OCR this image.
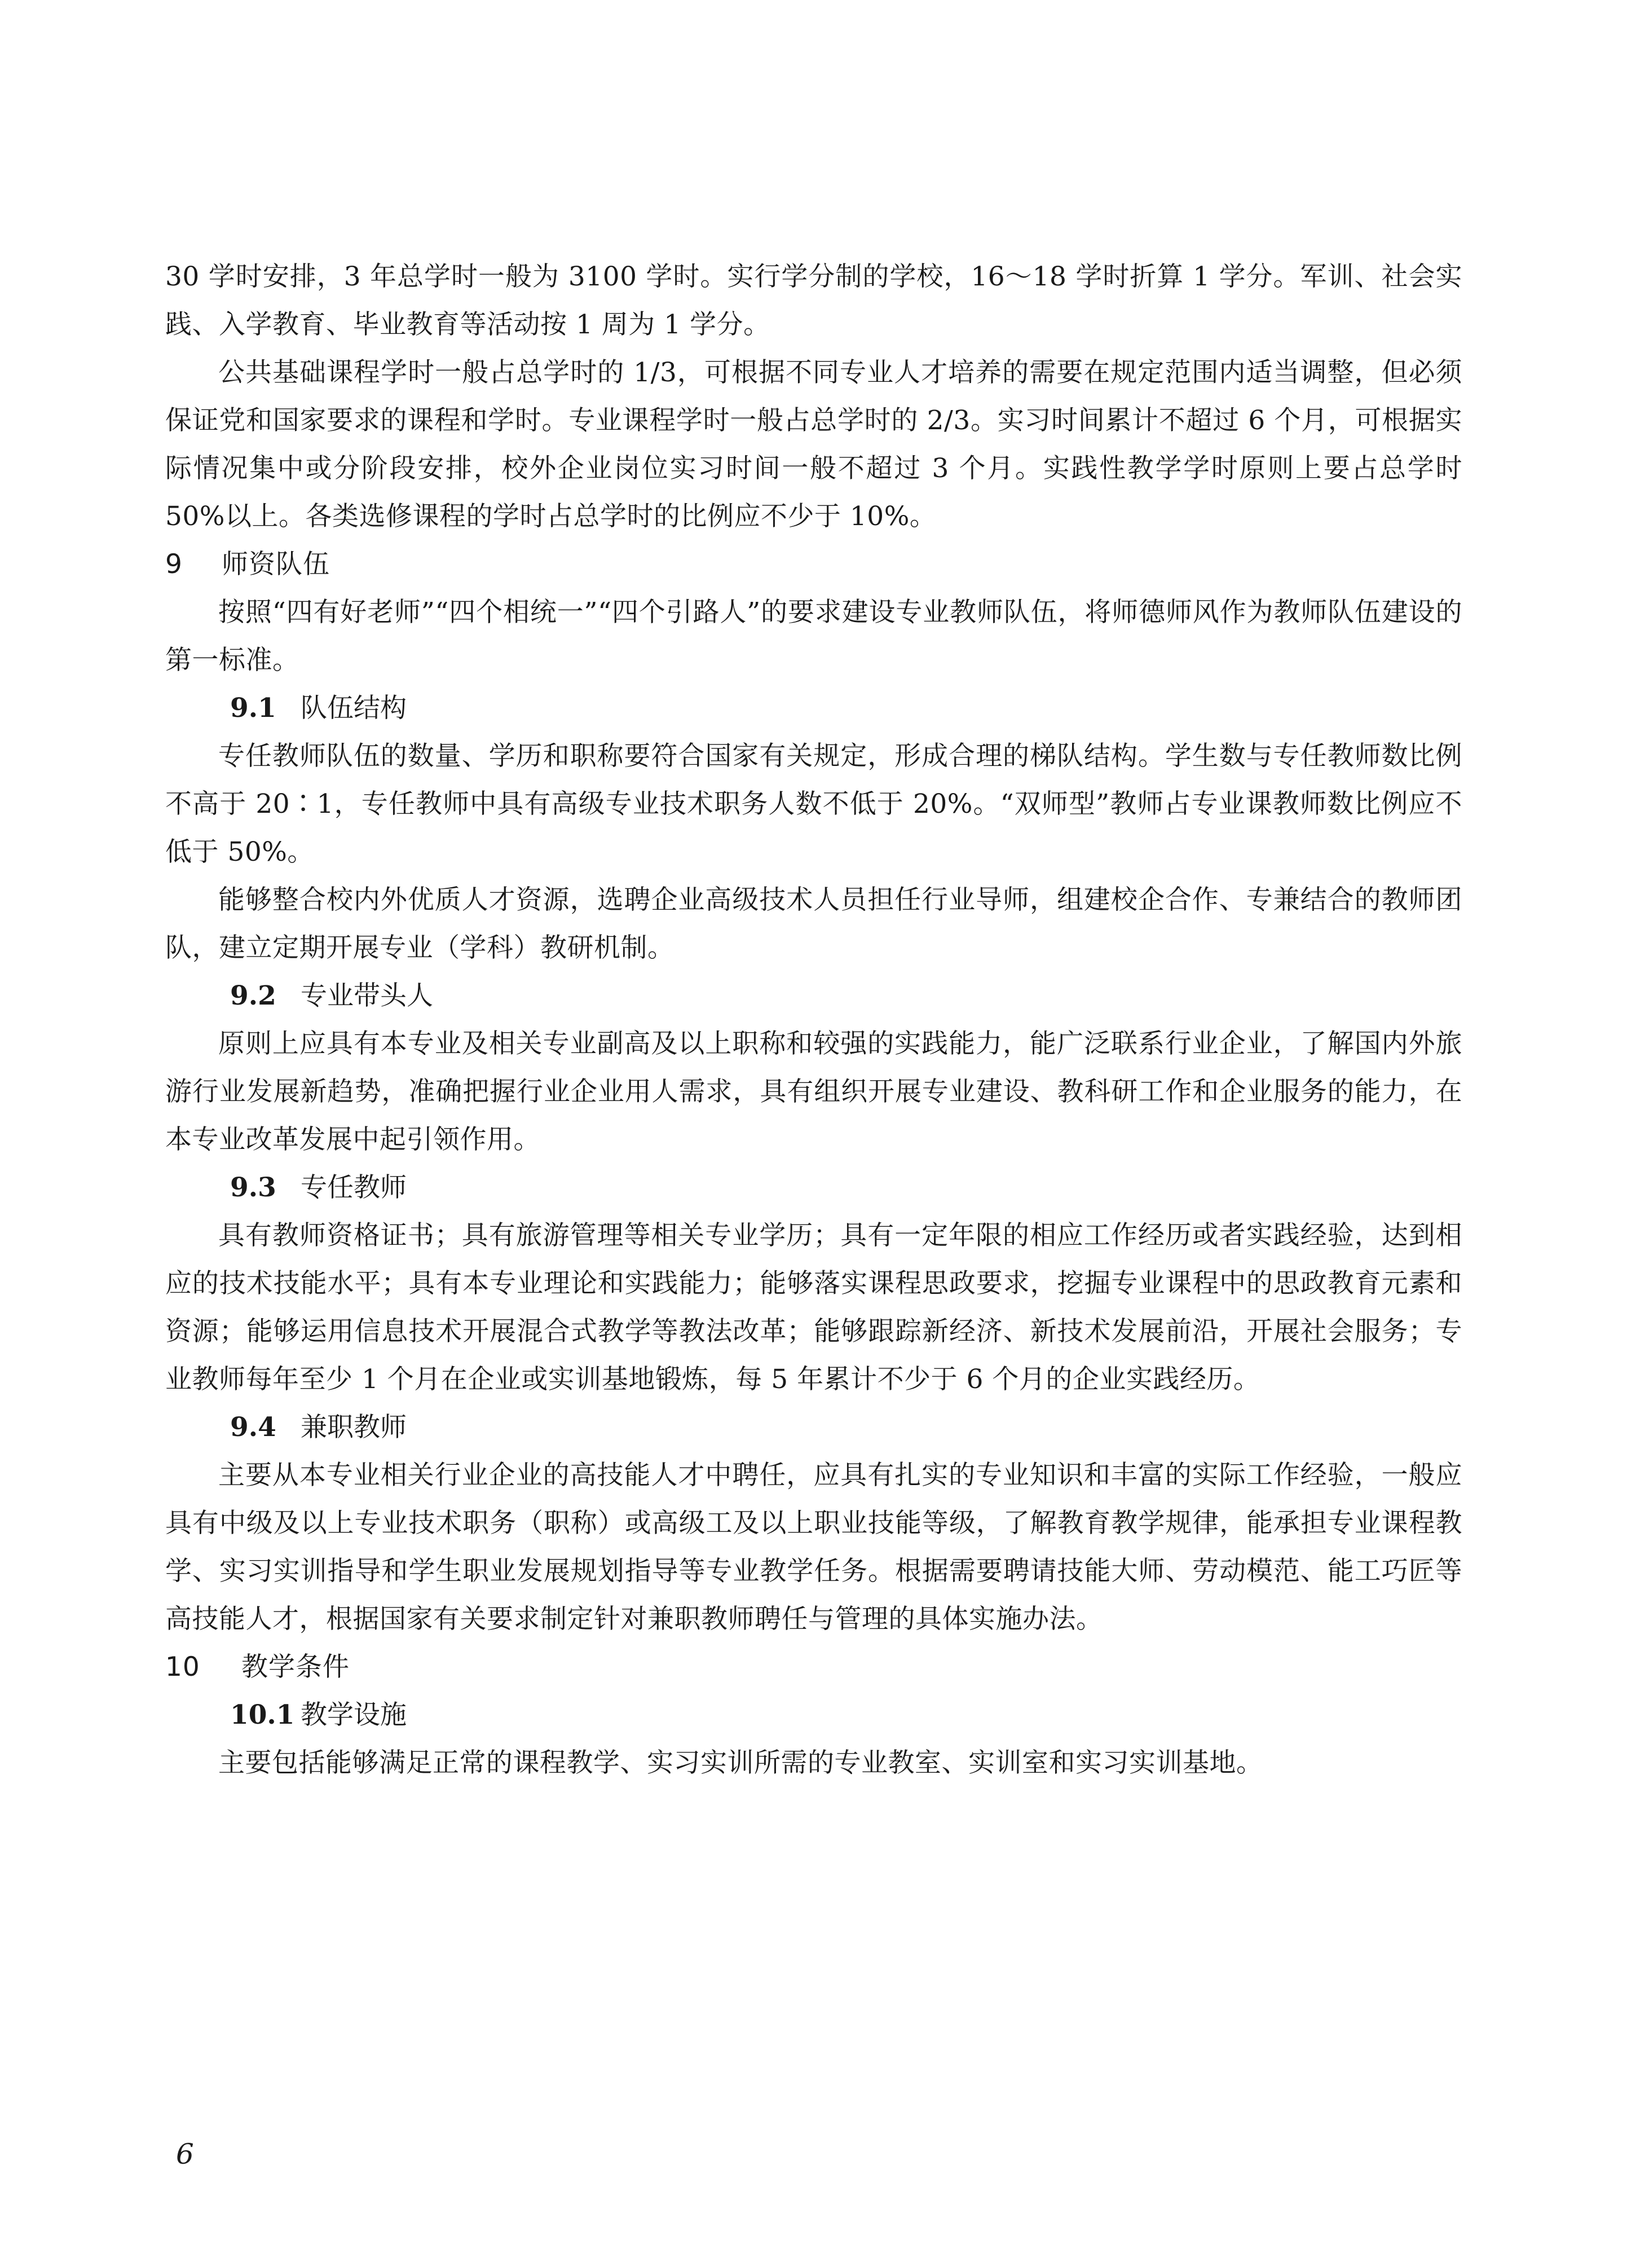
30 学时安排，3 年总学时一般为 3100 学时。实行学分制的学校，16～18 学时折算 1 学分。军训、社会实践、入学教育、毕业教育等活动按 1 周为 1 学分。

公共基础课程学时一般占总学时的 1/3，可根据不同专业人才培养的需要在规定范围内适当调整，但必须保证党和国家要求的课程和学时。专业课程学时一般占总学时的 2/3。实习时间累计不超过 6 个月，可根据实际情况集中或分阶段安排，校外企业岗位实习时间一般不超过 3 个月。实践性教学学时原则上要占总学时 50%以上。各类选修课程的学时占总学时的比例应不少于 10%。

9 师资队伍

按照“四有好老师”“四个相统一”“四个引路人”的要求建设专业教师队伍，将师德师风作为教师队伍建设的第一标准。

9.1 队伍结构

专任教师队伍的数量、学历和职称要符合国家有关规定，形成合理的梯队结构。学生数与专任教师数比例不高于 20∶1，专任教师中具有高级专业技术职务人数不低于 20%。“双师型”教师占专业课教师数比例应不低于 50%。

能够整合校内外优质人才资源，选聘企业高级技术人员担任行业导师，组建校企合作、专兼结合的教师团队，建立定期开展专业（学科）教研机制。

9.2 专业带头人

原则上应具有本专业及相关专业副高及以上职称和较强的实践能力，能广泛联系行业企业，了解国内外旅游行业发展新趋势，准确把握行业企业用人需求，具有组织开展专业建设、教科研工作和企业服务的能力，在本专业改革发展中起引领作用。

9.3 专任教师

具有教师资格证书；具有旅游管理等相关专业学历；具有一定年限的相应工作经历或者实践经验，达到相应的技术技能水平；具有本专业理论和实践能力；能够落实课程思政要求，挖掘专业课程中的思政教育元素和资源；能够运用信息技术开展混合式教学等教法改革；能够跟踪新经济、新技术发展前沿，开展社会服务；专业教师每年至少 1 个月在企业或实训基地锻炼，每 5 年累计不少于 6 个月的企业实践经历。

9.4 兼职教师

主要从本专业相关行业企业的高技能人才中聘任，应具有扎实的专业知识和丰富的实际工作经验，一般应具有中级及以上专业技术职务（职称）或高级工及以上职业技能等级，了解教育教学规律，能承担专业课程教学、实习实训指导和学生职业发展规划指导等专业教学任务。根据需要聘请技能大师、劳动模范、能工巧匠等高技能人才，根据国家有关要求制定针对兼职教师聘任与管理的具体实施办法。

10 教学条件
10.1 教学设施

主要包括能够满足正常的课程教学、实习实训所需的专业教室、实训室和实习实训基地。

6
